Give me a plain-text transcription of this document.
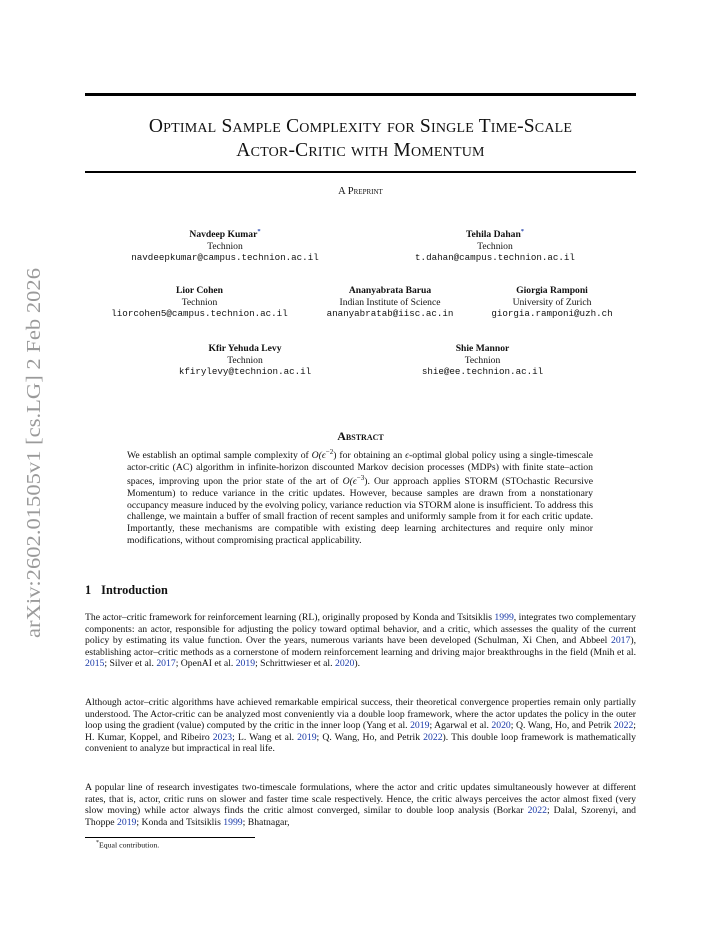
arXiv:2602.01505v1 [cs.LG] 2 Feb 2026
Optimal Sample Complexity for Single Time-Scale
Actor-Critic with Momentum
A Preprint
Navdeep Kumar*
Technion
navdeepkumar@campus.technion.ac.il
Tehila Dahan*
Technion
t.dahan@campus.technion.ac.il
Lior Cohen
Technion
liorcohen5@campus.technion.ac.il
Ananyabrata Barua
Indian Institute of Science
ananyabratab@iisc.ac.in
Giorgia Ramponi
University of Zurich
giorgia.ramponi@uzh.ch
Kfir Yehuda Levy
Technion
kfirylevy@technion.ac.il
Shie Mannor
Technion
shie@ee.technion.ac.il
Abstract
We establish an optimal sample complexity of $O(\epsilon^{-2})$ for obtaining an ϵ-optimal global policy using a single-timescale actor-critic (AC) algorithm in infinite-horizon discounted Markov decision processes (MDPs) with finite state–action spaces, improving upon the prior state of the art of $O(\epsilon^{-3})$. Our approach applies STORM (STOchastic Recursive Momentum) to reduce variance in the critic updates. However, because samples are drawn from a nonstationary occupancy measure induced by the evolving policy, variance reduction via STORM alone is insufficient. To address this challenge, we maintain a buffer of small fraction of recent samples and uniformly sample from it for each critic update. Importantly, these mechanisms are compatible with existing deep learning architectures and require only minor modifications, without compromising practical applicability.
1 Introduction
The actor–critic framework for reinforcement learning (RL), originally proposed by Konda and Tsitsiklis 1999, integrates two complementary components: an actor, responsible for adjusting the policy toward optimal behavior, and a critic, which assesses the quality of the current policy by estimating its value function. Over the years, numerous variants have been developed (Schulman, Xi Chen, and Abbeel 2017), establishing actor–critic methods as a cornerstone of modern reinforcement learning and driving major breakthroughs in the field (Mnih et al. 2015; Silver et al. 2017; OpenAI et al. 2019; Schrittwieser et al. 2020).
Although actor–critic algorithms have achieved remarkable empirical success, their theoretical convergence properties remain only partially understood. The Actor-critic can be analyzed most conveniently via a double loop framework, where the actor updates the policy in the outer loop using the gradient (value) computed by the critic in the inner loop (Yang et al. 2019; Agarwal et al. 2020; Q. Wang, Ho, and Petrik 2022; H. Kumar, Koppel, and Ribeiro 2023; L. Wang et al. 2019; Q. Wang, Ho, and Petrik 2022). This double loop framework is mathematically convenient to analyze but impractical in real life.
A popular line of research investigates two-timescale formulations, where the actor and critic updates simultaneously however at different rates, that is, actor, critic runs on slower and faster time scale respectively. Hence, the critic always perceives the actor almost fixed (very slow moving) while actor always finds the critic almost converged, similar to double loop analysis (Borkar 2022; Dalal, Szorenyi, and Thoppe 2019; Konda and Tsitsiklis 1999; Bhatnagar,
*Equal contribution.
